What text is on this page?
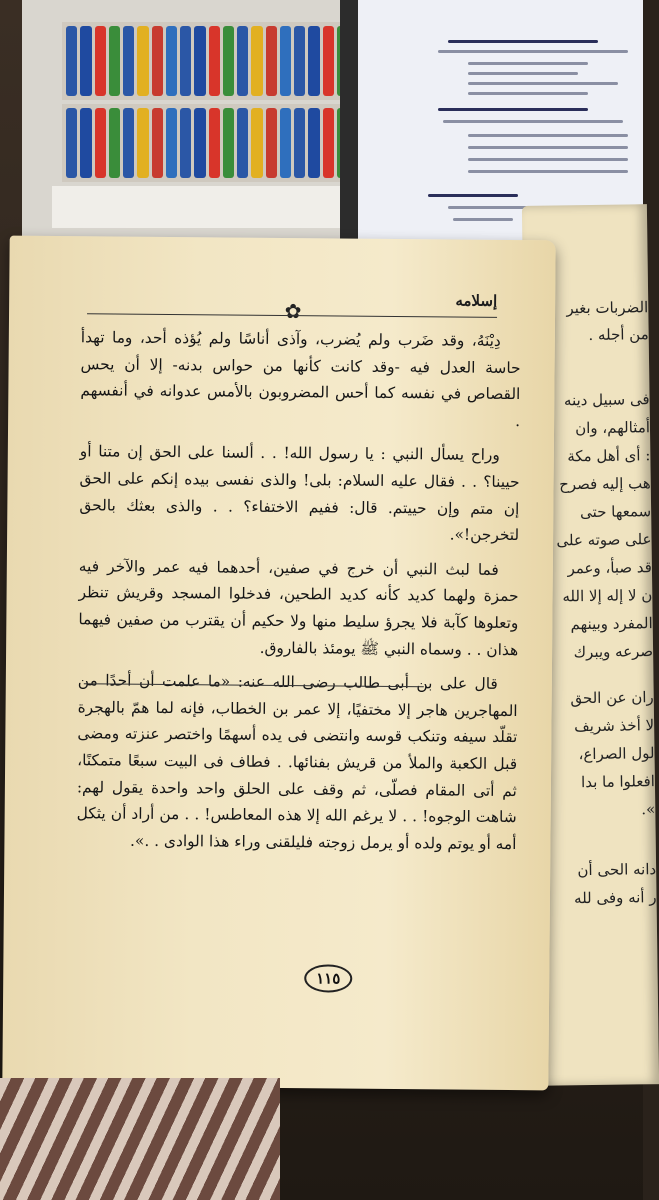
الضربات بغير
من أجله .
فى سبيل دينه
أمثالهم، وان
: أى أهل مكة
هب إليه فصرح
سمعها حتى
على صوته على
قد صبأ، وعمر
ن لا إله إلا الله
المفرد وبينهم
صرعه ويبرك
ران عن الحق
لا أخذ شريف
لول الصراع،
افعلوا ما بدا
».
دانه الحى أن
ر أنه وفى لله
إسلامه
✿

دِيْنَهُ، وقد ضَرب ولم يُضرب، وآذى أناسًا ولم يُؤذه أحد، وما تهدأ حاسة العدل فيه -وقد كانت كأنها من حواس بدنه- إلا أن يحس القصاص في نفسه كما أحس المضروبون بالأمس عدوانه في أنفسهم .

وراح يسأل النبي : يا رسول الله! . . ألسنا على الحق إن متنا أو حيينا؟ . . فقال عليه السلام: بلى! والذى نفسى بيده إنكم على الحق إن متم وإن حييتم. قال: ففيم الاختفاء؟ . . والذى بعثك بالحق لتخرجن!».

فما لبث النبي أن خرج في صفين، أحدهما فيه عمر والآخر فيه حمزة ولهما كديد كأنه كديد الطحين، فدخلوا المسجد وقريش تنظر وتعلوها كآبة فلا يجرؤ سليط منها ولا حكيم أن يقترب من صفين فيهما هذان . . وسماه النبي ﷺ يومئذ بالفاروق.

قال على بن أبى طالب رضى الله عنه: «ما علمت أن أحدًا من المهاجرين هاجر إلا مختفيًا، إلا عمر بن الخطاب، فإنه لما همّ بالهجرة تقلّد سيفه وتنكب قوسه وانتضى فى يده أسهمًا واختصر عنزته ومضى قبل الكعبة والملأ من قريش بفنائها. . فطاف فى البيت سبعًا متمكنًا، ثم أتى المقام فصلّى، ثم وقف على الحلق واحد واحدة يقول لهم: شاهت الوجوه! . . لا يرغم الله إلا هذه المعاطس! . . من أراد أن يثكل أمه أو يوتم ولده أو يرمل زوجته فليلقنى وراء هذا الوادى . .».

١١٥
